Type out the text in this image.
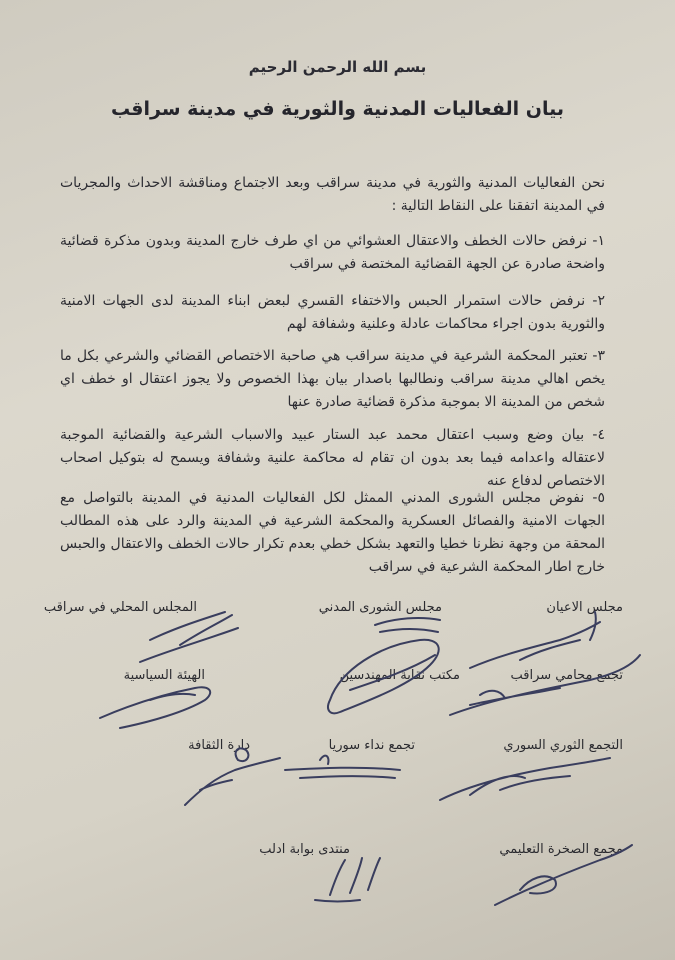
بسم الله الرحمن الرحيم
بيان الفعاليات المدنية والثورية في مدينة سراقب
نحن الفعاليات المدنية والثورية في مدينة سراقب وبعد الاجتماع ومناقشة الاحداث والمجريات في المدينة اتفقنا على النقاط التالية :
١- نرفض حالات الخطف والاعتقال العشوائي من اي طرف خارج المدينة وبدون مذكرة قضائية واضحة صادرة عن الجهة القضائية المختصة في سراقب
٢- نرفض حالات استمرار الحبس والاختفاء القسري لبعض ابناء المدينة لدى الجهات الامنية والثورية بدون اجراء محاكمات عادلة وعلنية وشفافة لهم
٣- تعتبر المحكمة الشرعية في مدينة سراقب هي صاحبة الاختصاص القضائي والشرعي بكل ما يخص اهالي مدينة سراقب ونطالبها باصدار بيان بهذا الخصوص ولا يجوز اعتقال او خطف اي شخص من المدينة الا بموجبة مذكرة قضائية صادرة عنها
٤- بيان وضع وسبب اعتقال محمد عبد الستار عبيد والاسباب الشرعية والقضائية الموجبة لاعتقاله واعدامه فيما بعد بدون ان تقام له محاكمة علنية وشفافة ويسمح له بتوكيل اصحاب الاختصاص لدفاع عنه
٥- نفوض مجلس الشورى المدني الممثل لكل الفعاليات المدنية في المدينة بالتواصل مع الجهات الامنية والفصائل العسكرية والمحكمة الشرعية في المدينة والرد على هذه المطالب المحقة من وجهة نظرنا خطيا والتعهد بشكل خطي بعدم تكرار حالات الخطف والاعتقال والحبس خارج اطار المحكمة الشرعية في سراقب
مجلس الاعيان
مجلس الشورى المدني
المجلس المحلي في سراقب
تجمع محامي سراقب
مكتب نقابة المهندسين
الهيئة السياسية
التجمع الثوري السوري
تجمع نداء سوريا
دارة الثقافة
مجمع الصخرة التعليمي
منتدى بوابة ادلب
